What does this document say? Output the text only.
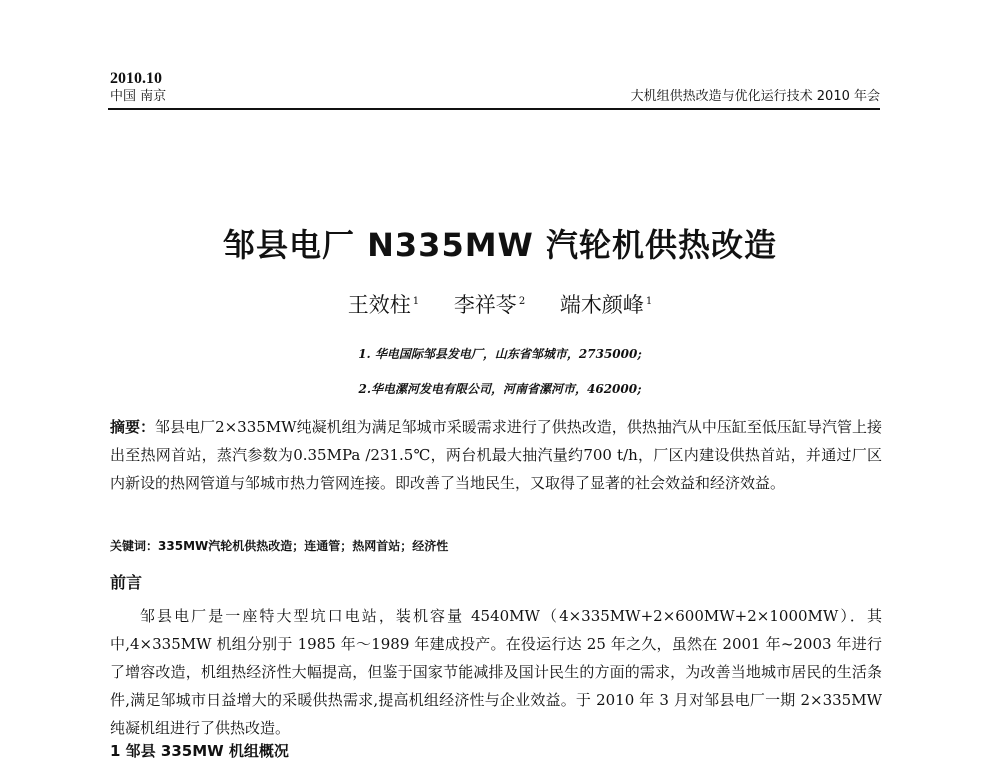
2010.10
中国 南京	大机组供热改造与优化运行技术 2010 年会
邹县电厂 N335MW 汽轮机供热改造
王效柱 $^1$ 李祥苓 $^2$ 端木颜峰 $^1$
1. 华电国际邹县发电厂，山东省邹城市，2735000;
2.华电漯河发电有限公司，河南省漯河市，462000;
摘要：邹县电厂2×335MW纯凝机组为满足邹城市采暖需求进行了供热改造，供热抽汽从中压缸至低压缸导汽管上接出至热网首站，蒸汽参数为0.35MPa /231.5℃，两台机最大抽汽量约700 t/h，厂区内建设供热首站，并通过厂区内新设的热网管道与邹城市热力管网连接。即改善了当地民生，又取得了显著的社会效益和经济效益。
关键词：335MW汽轮机供热改造；连通管；热网首站；经济性
前言
邹县电厂是一座特大型坑口电站，装机容量 4540MW（4×335MW+2×600MW+2×1000MW）．其中,4×335MW 机组分别于 1985 年～1989 年建成投产。在役运行达 25 年之久，虽然在 2001 年~2003 年进行了增容改造，机组热经济性大幅提高，但鉴于国家节能减排及国计民生的方面的需求，为改善当地城市居民的生活条件,满足邹城市日益增大的采暖供热需求,提高机组经济性与企业效益。于 2010 年 3 月对邹县电厂一期 2×335MW 纯凝机组进行了供热改造。
1 邹县 335MW 机组概况
